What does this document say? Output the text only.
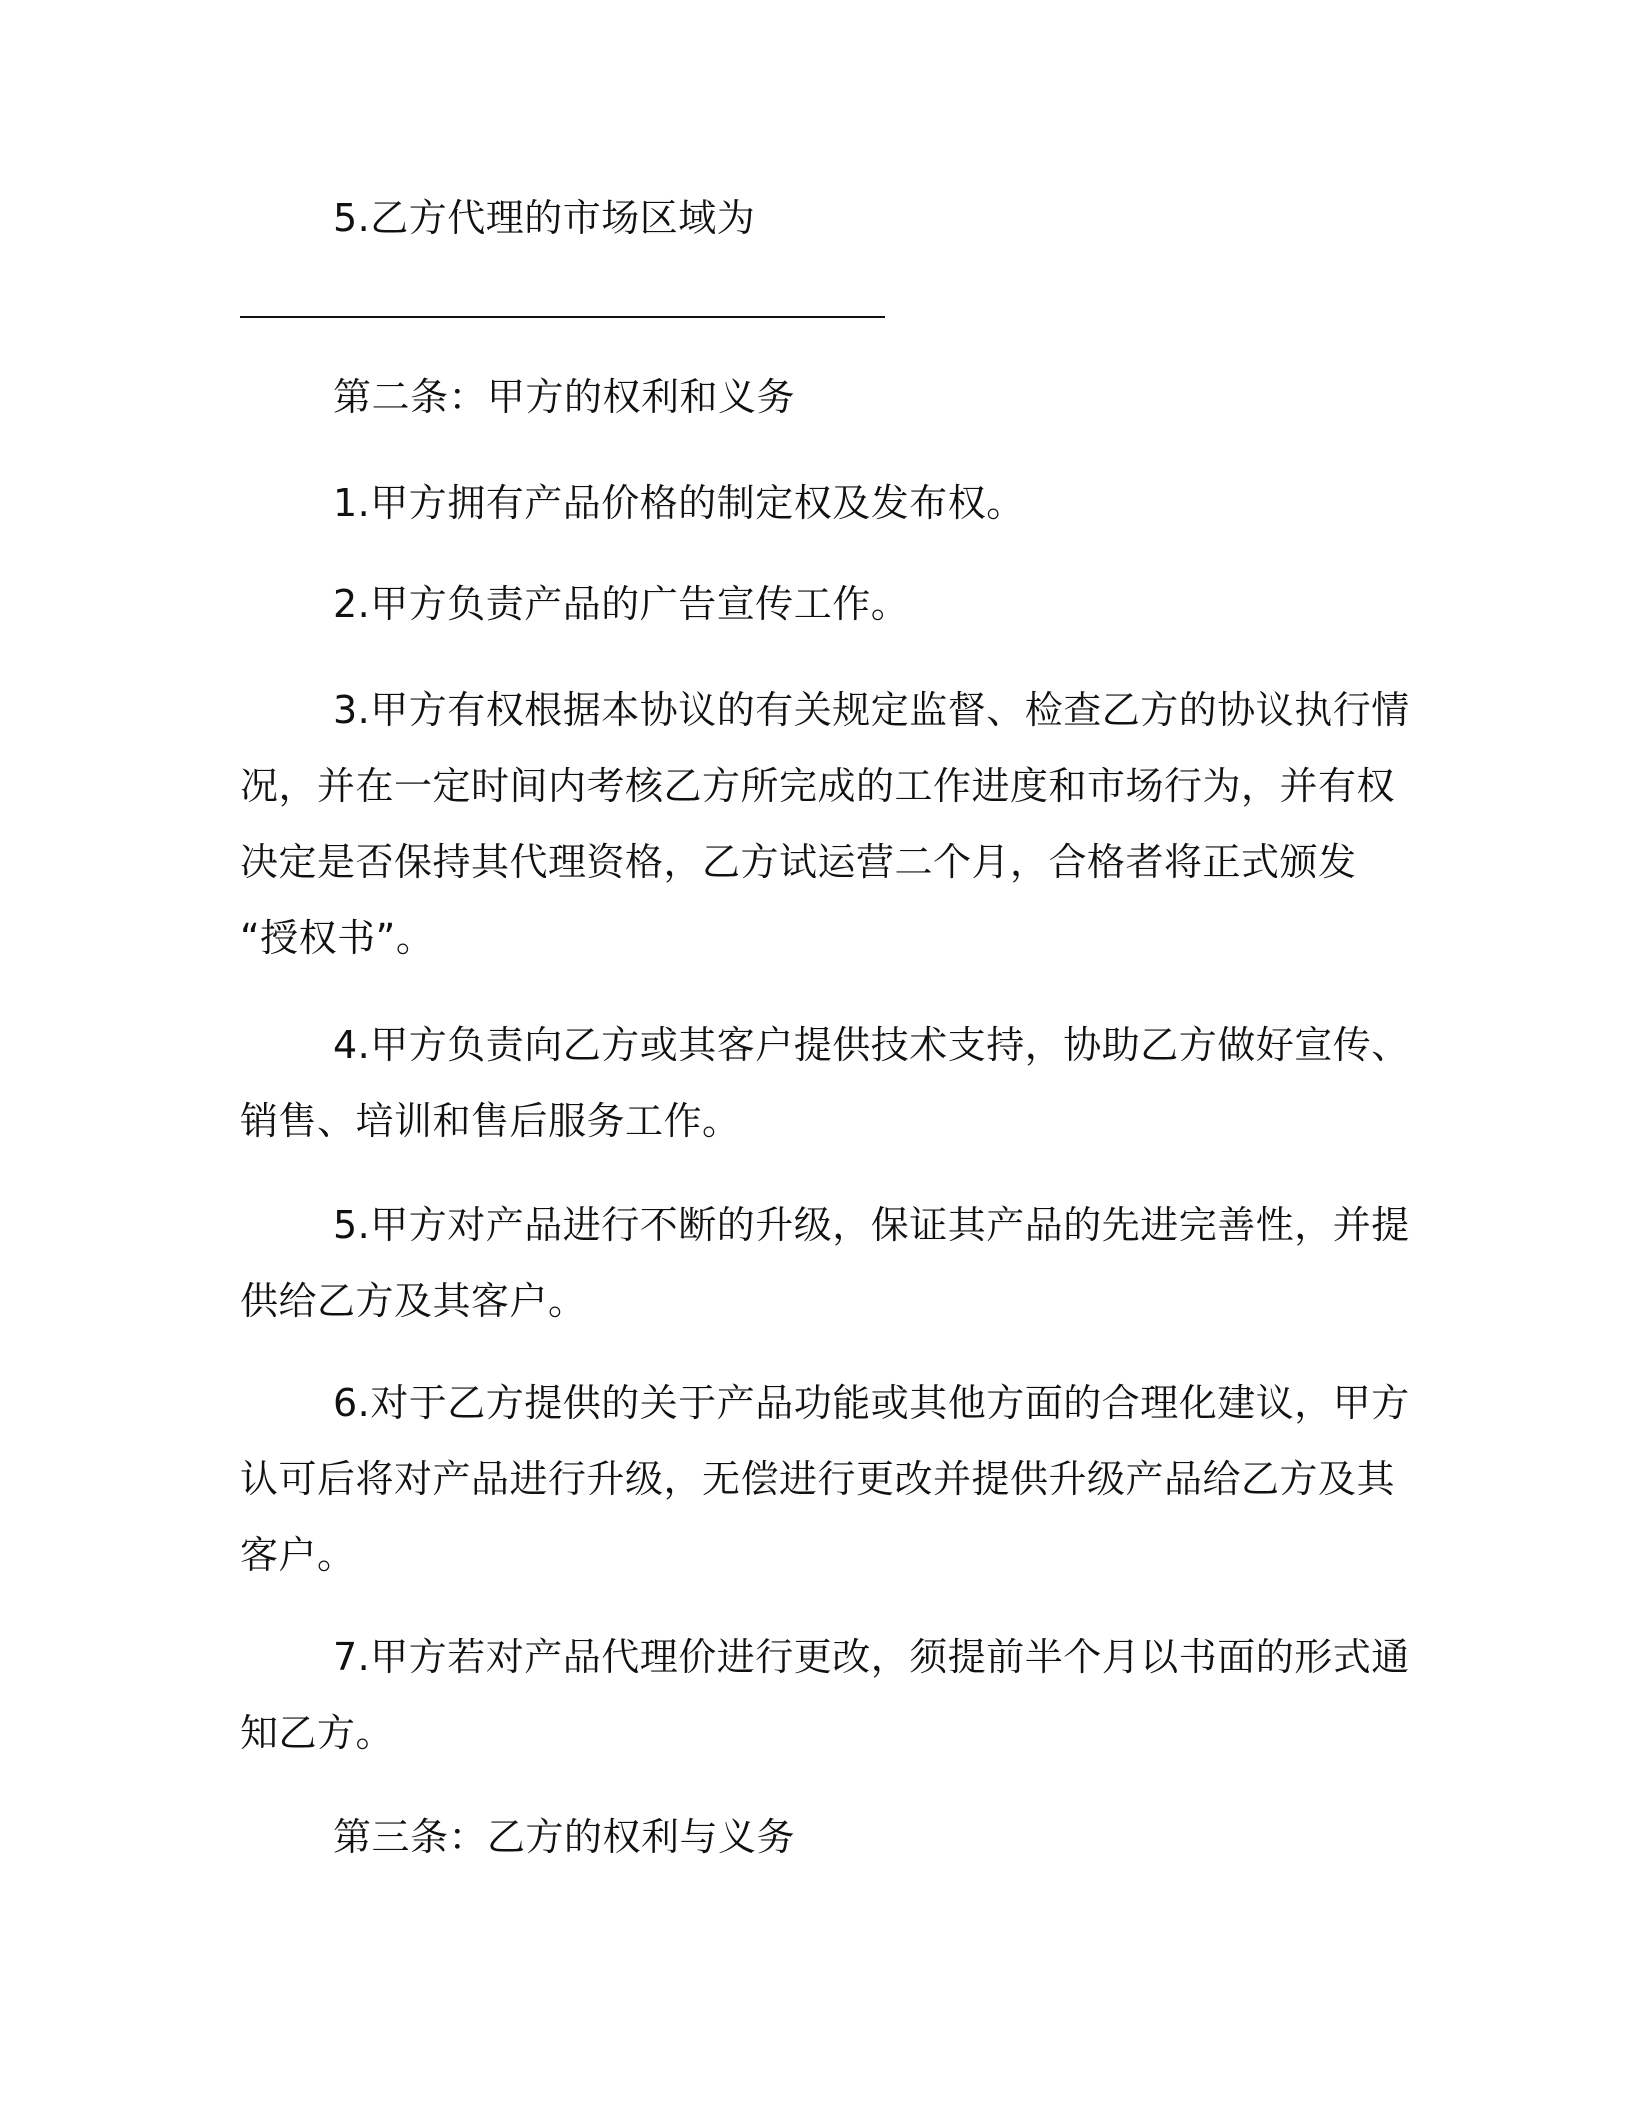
5.乙方代理的市场区域为
第二条：甲方的权利和义务
1.甲方拥有产品价格的制定权及发布权。
2.甲方负责产品的广告宣传工作。
3.甲方有权根据本协议的有关规定监督、检查乙方的协议执行情
况，并在一定时间内考核乙方所完成的工作进度和市场行为，并有权
决定是否保持其代理资格，乙方试运营二个月，合格者将正式颁发
“授权书”。
4.甲方负责向乙方或其客户提供技术支持，协助乙方做好宣传、
销售、培训和售后服务工作。
5.甲方对产品进行不断的升级，保证其产品的先进完善性，并提
供给乙方及其客户。
6.对于乙方提供的关于产品功能或其他方面的合理化建议，甲方
认可后将对产品进行升级，无偿进行更改并提供升级产品给乙方及其
客户。
7.甲方若对产品代理价进行更改，须提前半个月以书面的形式通
知乙方。
第三条：乙方的权利与义务
